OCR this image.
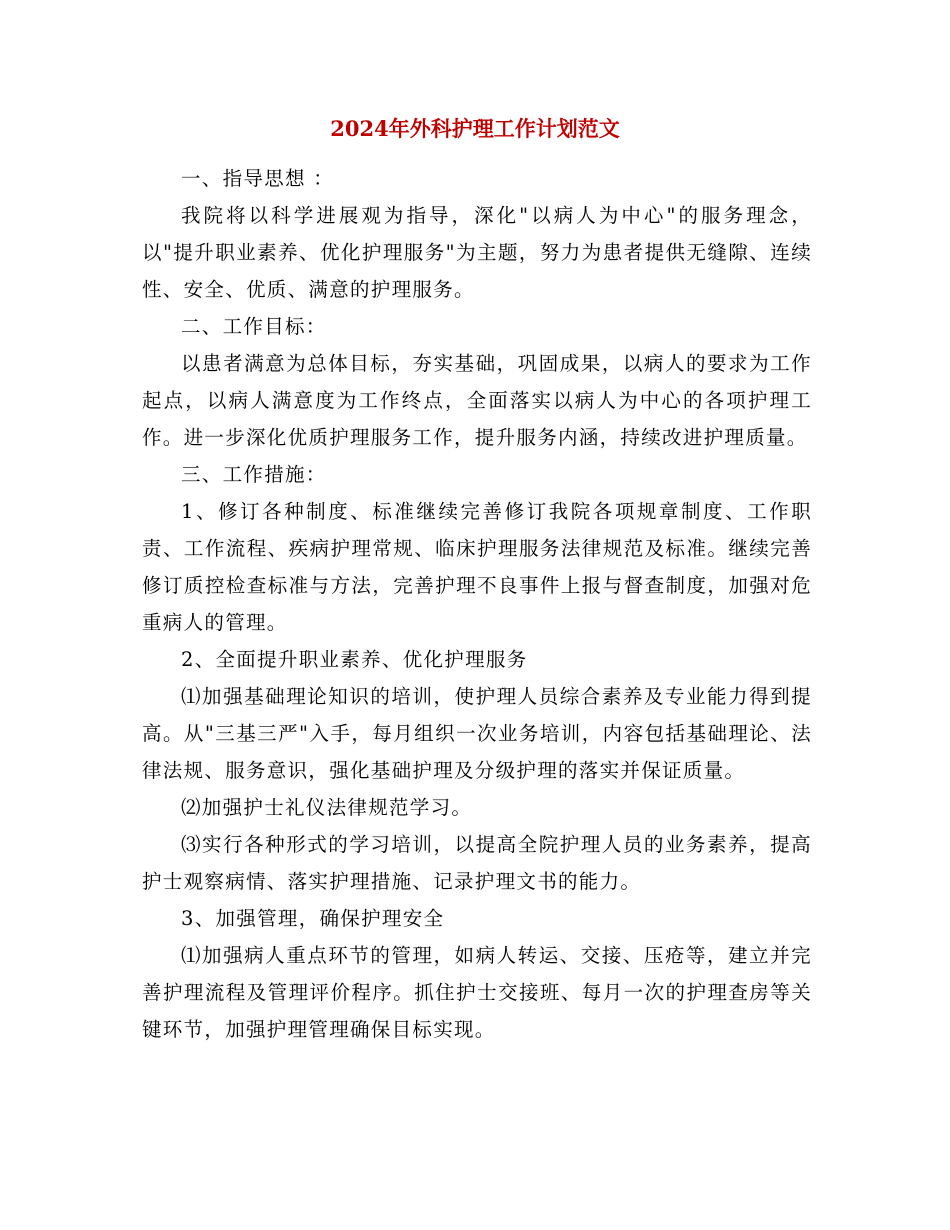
2024年外科护理工作计划范文

一、指导思想 ：

我院将以科学进展观为指导，深化"以病人为中心"的服务理念，以"提升职业素养、优化护理服务"为主题，努力为患者提供无缝隙、连续性、安全、优质、满意的护理服务。

二、工作目标：

以患者满意为总体目标，夯实基础，巩固成果，以病人的要求为工作起点，以病人满意度为工作终点，全面落实以病人为中心的各项护理工作。进一步深化优质护理服务工作，提升服务内涵，持续改进护理质量。

三、工作措施：

1、修订各种制度、标准继续完善修订我院各项规章制度、工作职责、工作流程、疾病护理常规、临床护理服务法律规范及标准。继续完善修订质控检查标准与方法，完善护理不良事件上报与督查制度，加强对危重病人的管理。

2、全面提升职业素养、优化护理服务

⑴加强基础理论知识的培训，使护理人员综合素养及专业能力得到提高。从"三基三严"入手，每月组织一次业务培训，内容包括基础理论、法律法规、服务意识，强化基础护理及分级护理的落实并保证质量。

⑵加强护士礼仪法律规范学习。

⑶实行各种形式的学习培训，以提高全院护理人员的业务素养，提高护士观察病情、落实护理措施、记录护理文书的能力。

3、加强管理，确保护理安全

⑴加强病人重点环节的管理，如病人转运、交接、压疮等，建立并完善护理流程及管理评价程序。抓住护士交接班、每月一次的护理查房等关键环节，加强护理管理确保目标实现。
